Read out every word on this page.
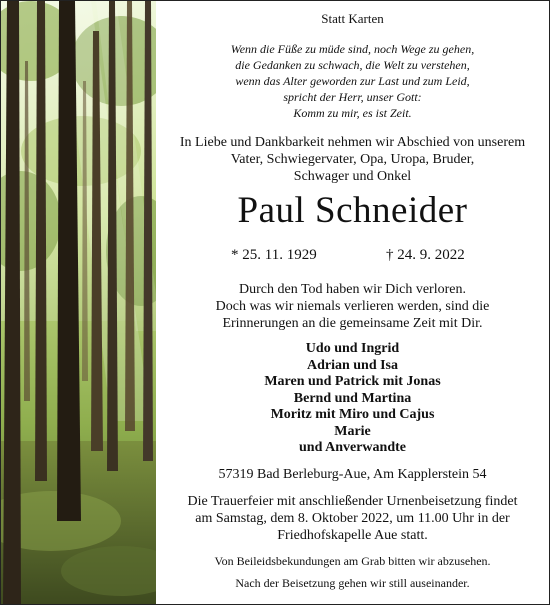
Statt Karten
Wenn die Füße zu müde sind, noch Wege zu gehen,
die Gedanken zu schwach, die Welt zu verstehen,
wenn das Alter geworden zur Last und zum Leid,
spricht der Herr, unser Gott:
Komm zu mir, es ist Zeit.
In Liebe und Dankbarkeit nehmen wir Abschied von unserem
Vater, Schwiegervater, Opa, Uropa, Bruder,
Schwager und Onkel
Paul Schneider
* 25. 11. 1929	† 24. 9. 2022
Durch den Tod haben wir Dich verloren.
Doch was wir niemals verlieren werden, sind die
Erinnerungen an die gemeinsame Zeit mit Dir.
Udo und Ingrid
Adrian und Isa
Maren und Patrick mit Jonas
Bernd und Martina
Moritz mit Miro und Cajus
Marie
und Anverwandte
57319 Bad Berleburg-Aue, Am Kapplerstein 54
Die Trauerfeier mit anschließender Urnenbeisetzung findet
am Samstag, dem 8. Oktober 2022, um 11.00 Uhr in der
Friedhofskapelle Aue statt.
Von Beileidsbekundungen am Grab bitten wir abzusehen.
Nach der Beisetzung gehen wir still auseinander.
